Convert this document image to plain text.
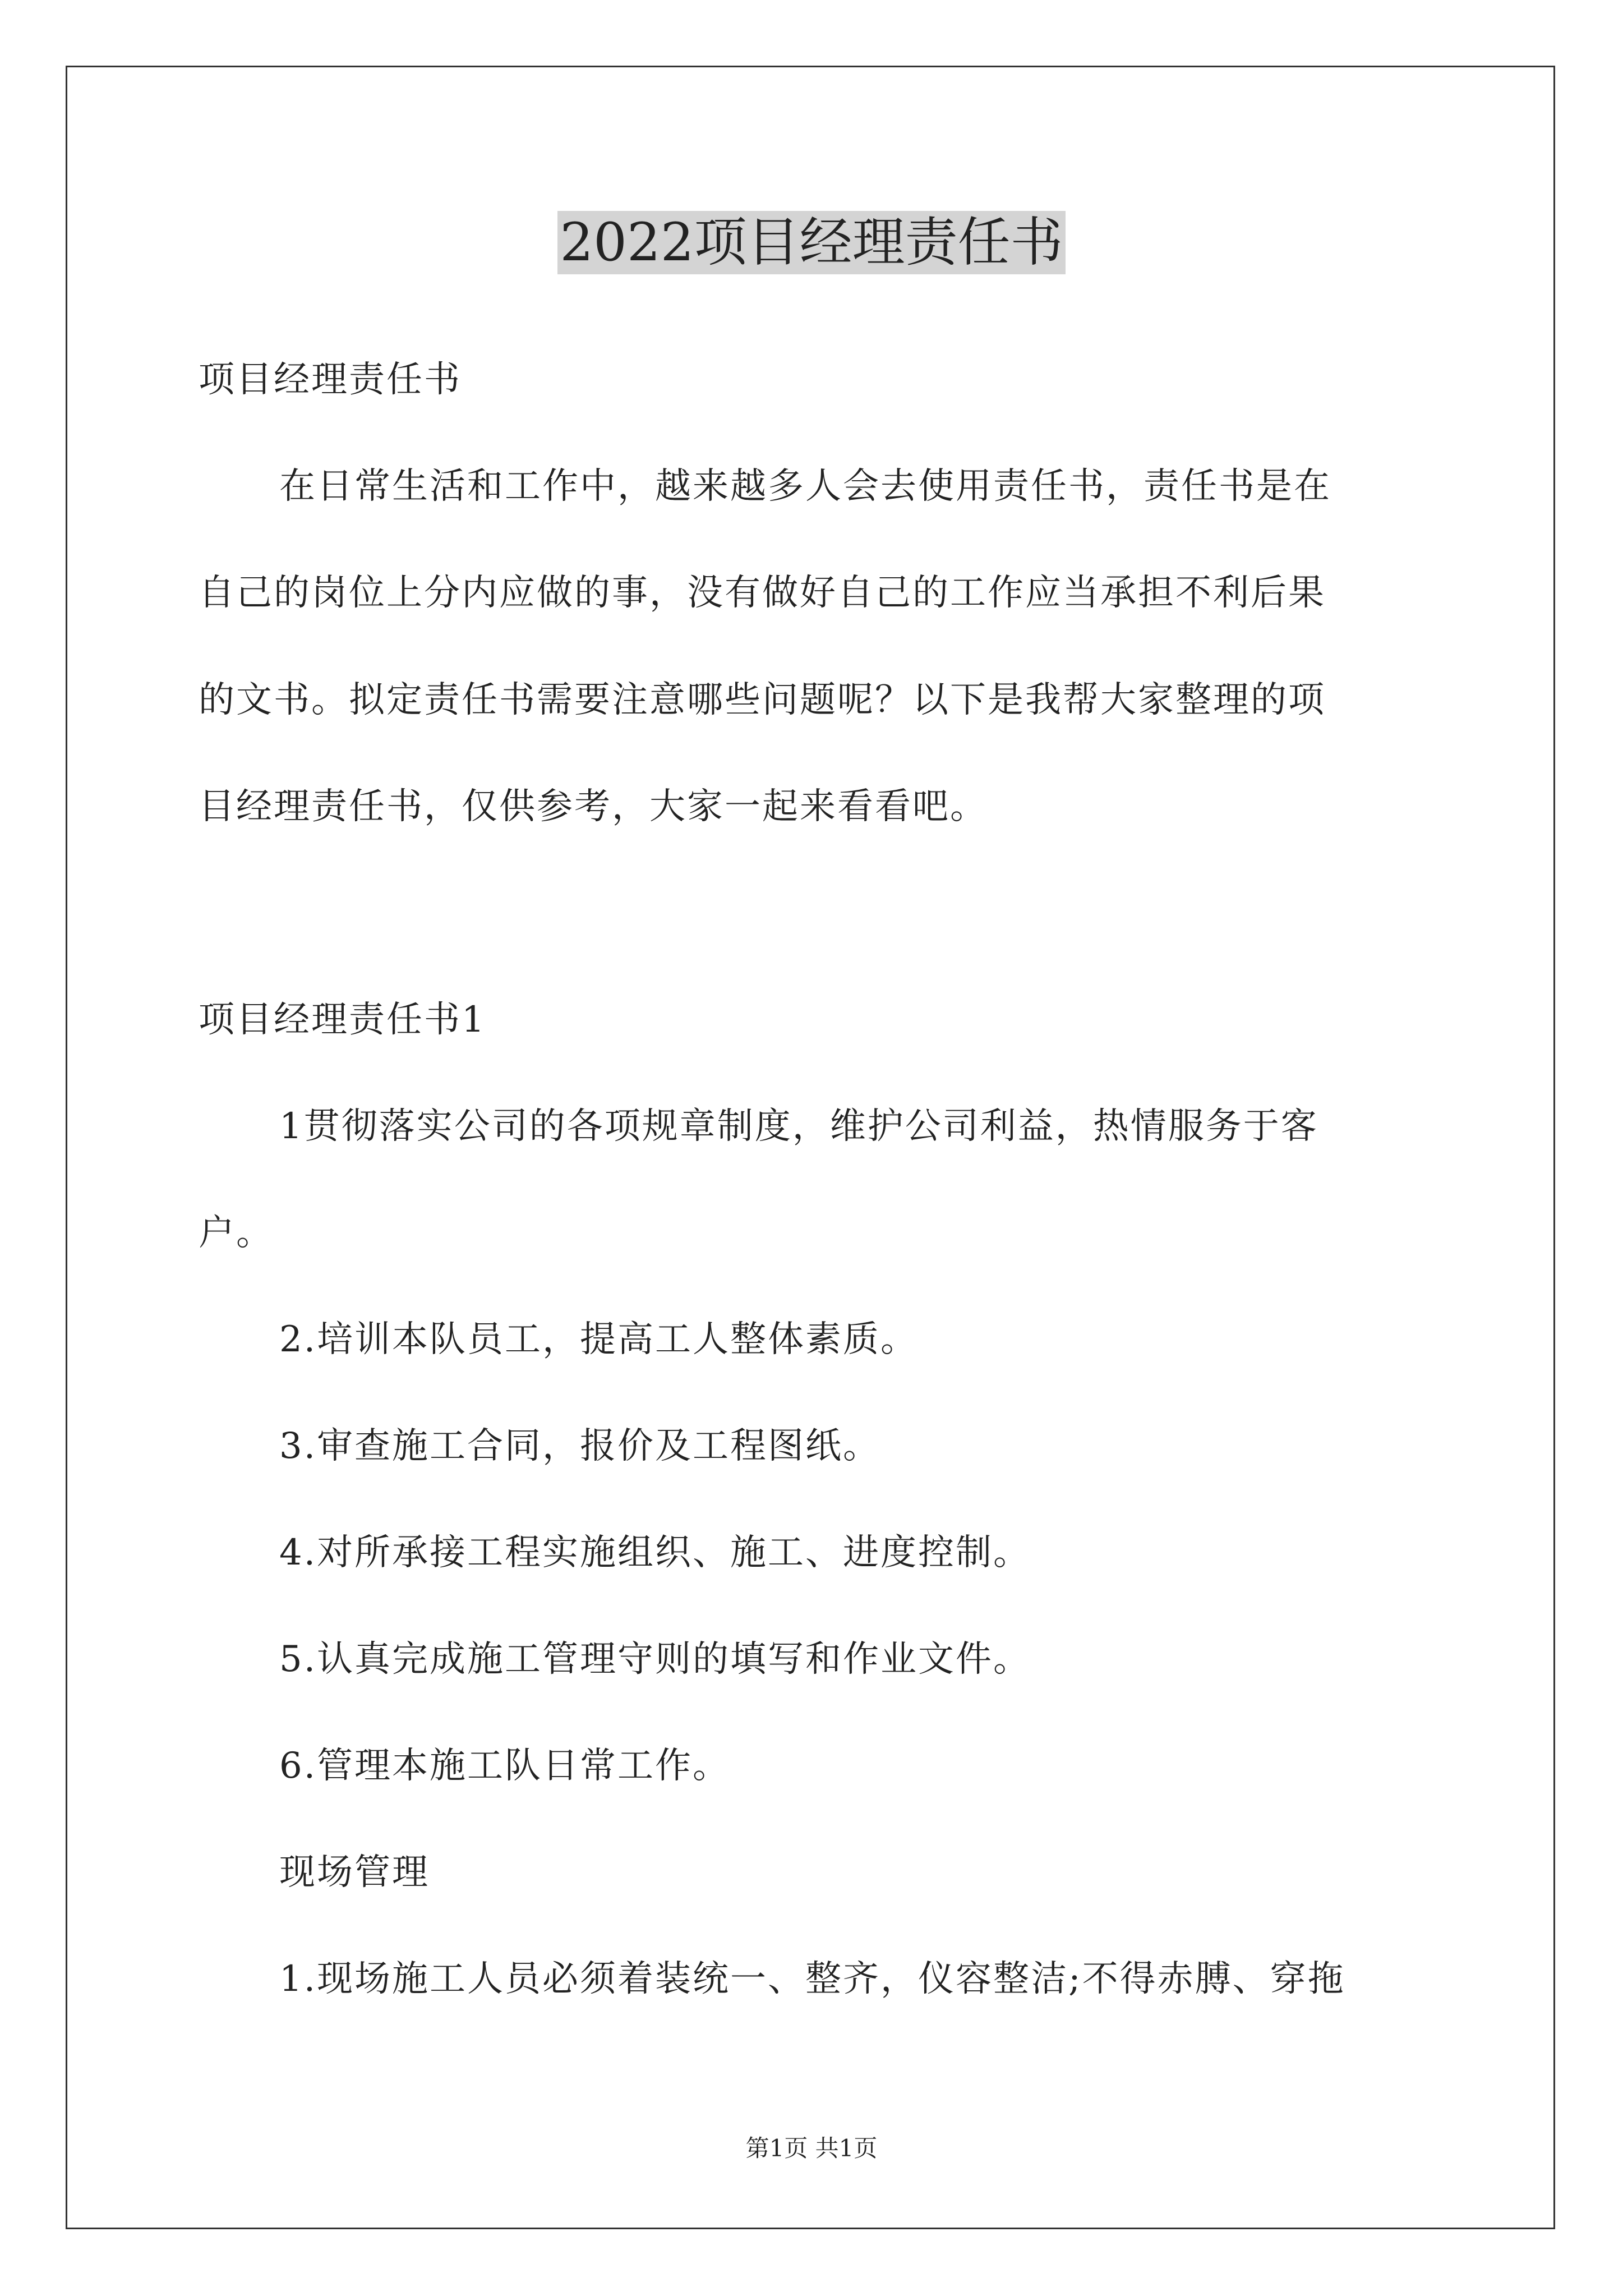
2022项目经理责任书

项目经理责任书

在日常生活和工作中，越来越多人会去使用责任书，责任书是在

自己的岗位上分内应做的事，没有做好自己的工作应当承担不利后果

的文书。拟定责任书需要注意哪些问题呢？以下是我帮大家整理的项

目经理责任书，仅供参考，大家一起来看看吧。

项目经理责任书1

1贯彻落实公司的各项规章制度，维护公司利益，热情服务于客

户。

2.培训本队员工，提高工人整体素质。

3.审查施工合同，报价及工程图纸。

4.对所承接工程实施组织、施工、进度控制。

5.认真完成施工管理守则的填写和作业文件。

6.管理本施工队日常工作。

现场管理

1.现场施工人员必须着装统一、整齐，仪容整洁;不得赤膊、穿拖

第1页 共1页
